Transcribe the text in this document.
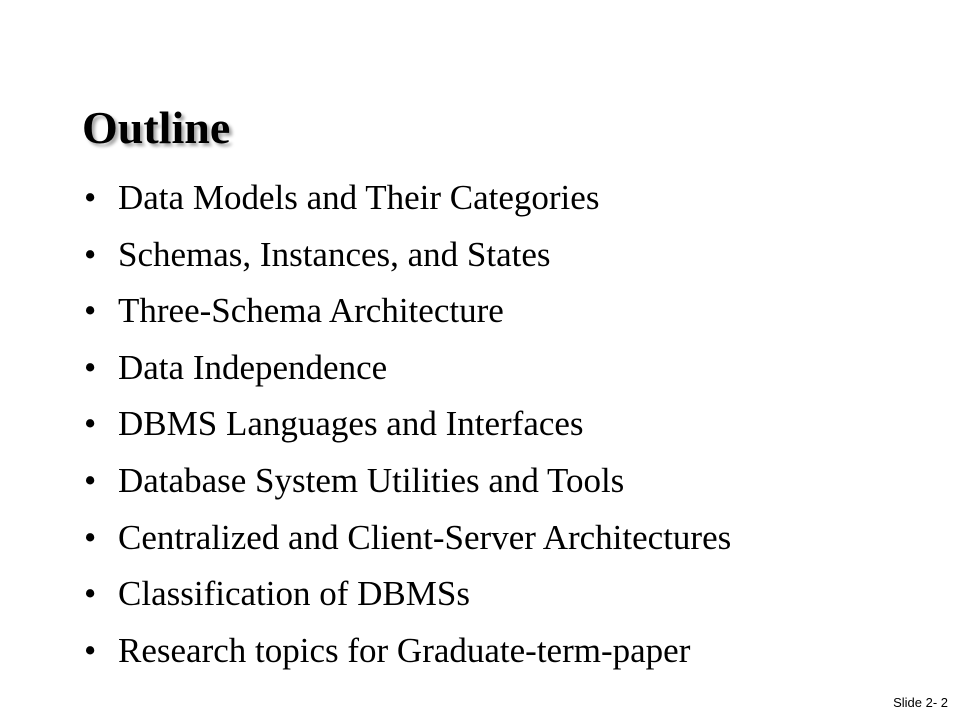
Outline
• Data Models and Their Categories
• Schemas, Instances, and States
• Three-Schema Architecture
• Data Independence
• DBMS Languages and Interfaces
• Database System Utilities and Tools
• Centralized and Client-Server Architectures
• Classification of DBMSs
• Research topics for Graduate-term-paper
Slide 2- 2
